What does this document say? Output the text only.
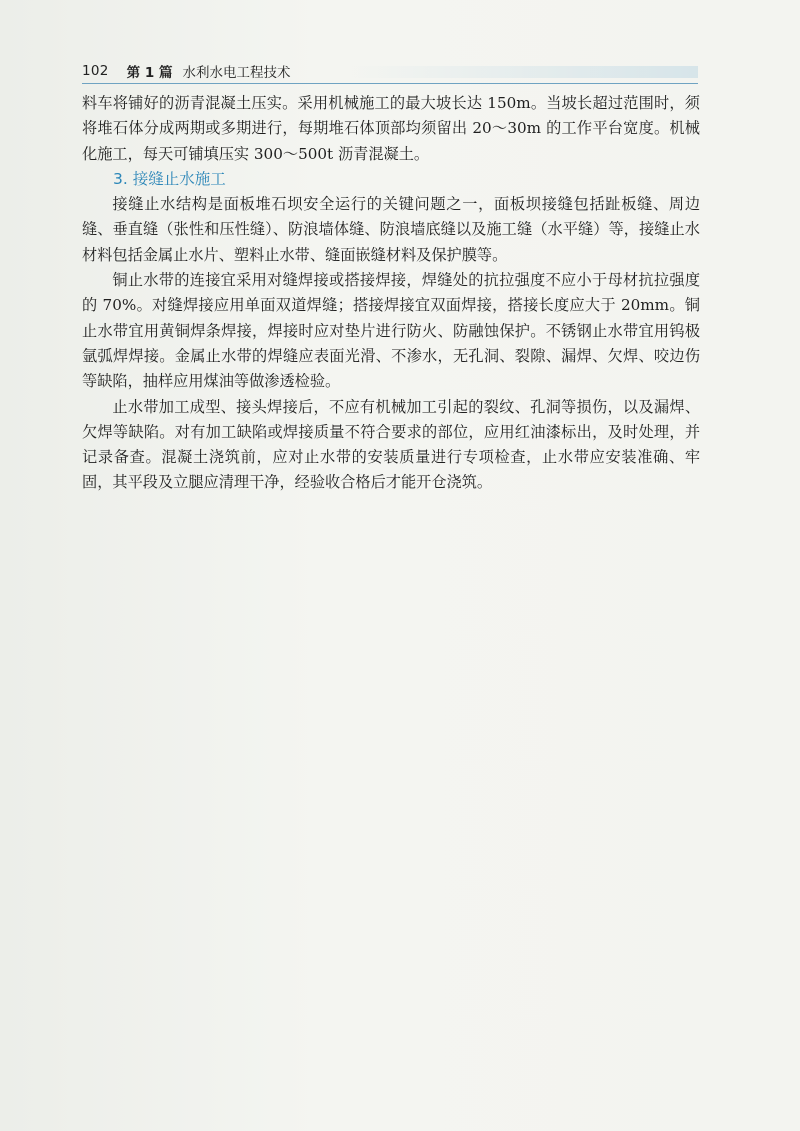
102 第 1 篇 水利水电工程技术

料车将铺好的沥青混凝土压实。采用机械施工的最大坡长达 150m。当坡长超过范围时，须将堆石体分成两期或多期进行，每期堆石体顶部均须留出 20～30m 的工作平台宽度。机械化施工，每天可铺填压实 300～500t 沥青混凝土。

3. 接缝止水施工

接缝止水结构是面板堆石坝安全运行的关键问题之一，面板坝接缝包括趾板缝、周边缝、垂直缝（张性和压性缝）、防浪墙体缝、防浪墙底缝以及施工缝（水平缝）等，接缝止水材料包括金属止水片、塑料止水带、缝面嵌缝材料及保护膜等。

铜止水带的连接宜采用对缝焊接或搭接焊接，焊缝处的抗拉强度不应小于母材抗拉强度的 70%。对缝焊接应用单面双道焊缝；搭接焊接宜双面焊接，搭接长度应大于 20mm。铜止水带宜用黄铜焊条焊接，焊接时应对垫片进行防火、防融蚀保护。不锈钢止水带宜用钨极氩弧焊焊接。金属止水带的焊缝应表面光滑、不渗水，无孔洞、裂隙、漏焊、欠焊、咬边伤等缺陷，抽样应用煤油等做渗透检验。

止水带加工成型、接头焊接后，不应有机械加工引起的裂纹、孔洞等损伤，以及漏焊、欠焊等缺陷。对有加工缺陷或焊接质量不符合要求的部位，应用红油漆标出，及时处理，并记录备查。混凝土浇筑前，应对止水带的安装质量进行专项检查，止水带应安装准确、牢固，其平段及立腿应清理干净，经验收合格后才能开仓浇筑。
